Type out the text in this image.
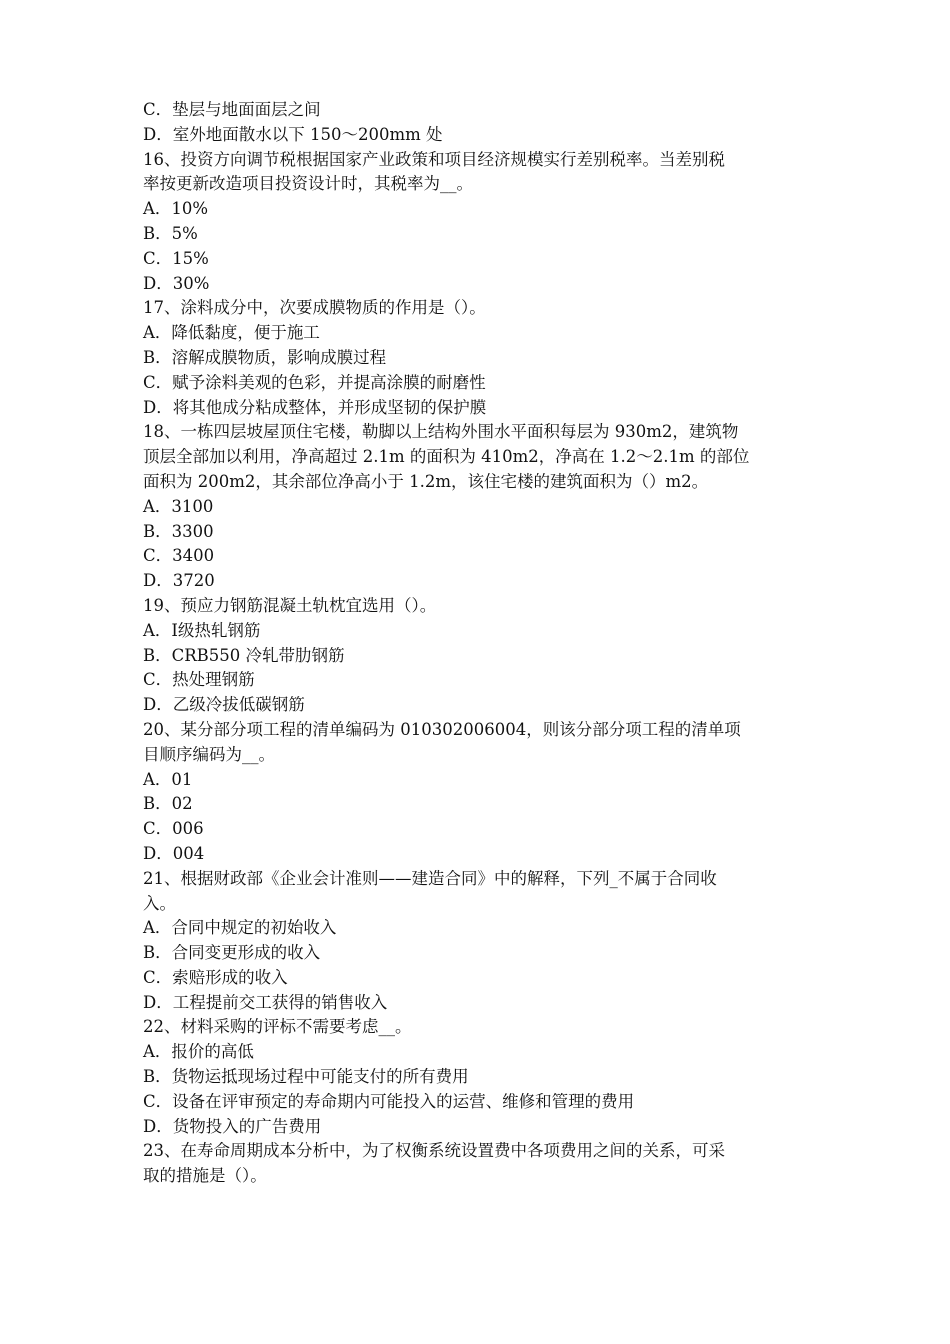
C．垫层与地面面层之间
D．室外地面散水以下 150～200mm 处
16、投资方向调节税根据国家产业政策和项目经济规模实行差别税率。当差别税
率按更新改造项目投资设计时，其税率为__。
A．10%
B．5%
C．15%
D．30%
17、涂料成分中，次要成膜物质的作用是（）。
A．降低黏度，便于施工
B．溶解成膜物质，影响成膜过程
C．赋予涂料美观的色彩，并提高涂膜的耐磨性
D．将其他成分粘成整体，并形成坚韧的保护膜
18、一栋四层坡屋顶住宅楼，勒脚以上结构外围水平面积每层为 930m2，建筑物
顶层全部加以利用，净高超过 2.1m 的面积为 410m2，净高在 1.2～2.1m 的部位
面积为 200m2，其余部位净高小于 1.2m，该住宅楼的建筑面积为（）m2。
A．3100
B．3300
C．3400
D．3720
19、预应力钢筋混凝土轨枕宜选用（）。
A．Ⅰ级热轧钢筋
B．CRB550 冷轧带肋钢筋
C．热处理钢筋
D．乙级冷拔低碳钢筋
20、某分部分项工程的清单编码为 010302006004，则该分部分项工程的清单项
目顺序编码为__。
A．01
B．02
C．006
D．004
21、根据财政部《企业会计准则——建造合同》中的解释，下列_不属于合同收
入。
A．合同中规定的初始收入
B．合同变更形成的收入
C．索赔形成的收入
D．工程提前交工获得的销售收入
22、材料采购的评标不需要考虑__。
A．报价的高低
B．货物运抵现场过程中可能支付的所有费用
C．设备在评审预定的寿命期内可能投入的运营、维修和管理的费用
D．货物投入的广告费用
23、在寿命周期成本分析中，为了权衡系统设置费中各项费用之间的关系，可采
取的措施是（）。
